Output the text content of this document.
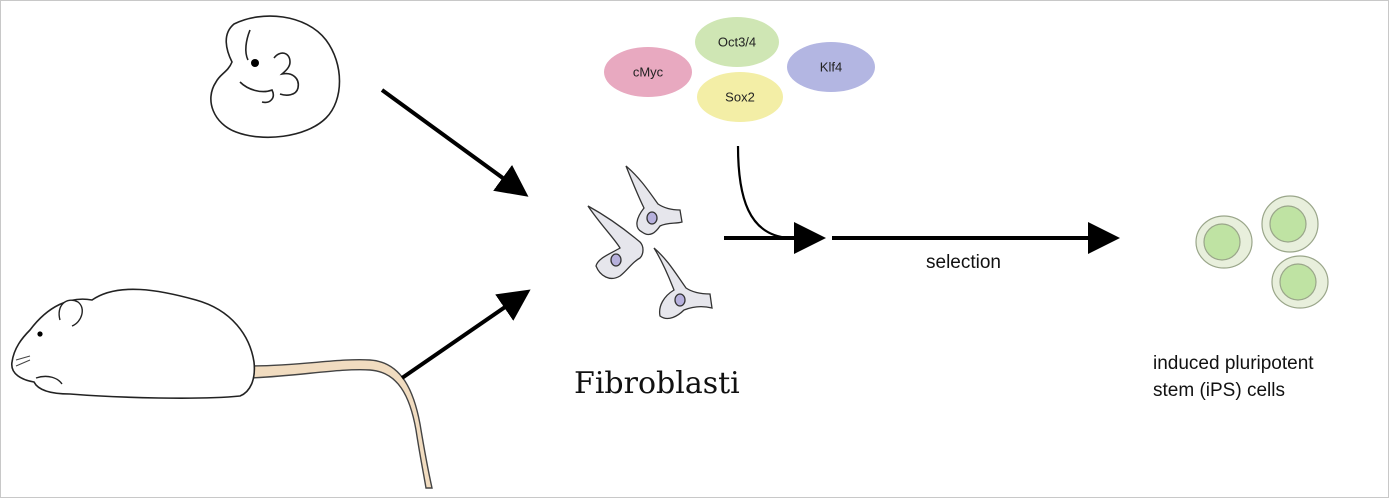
Oct3/4
cMyc	Klf4
Sox2
Fibroblasti
selection
induced pluripotent
stem (iPS) cells
